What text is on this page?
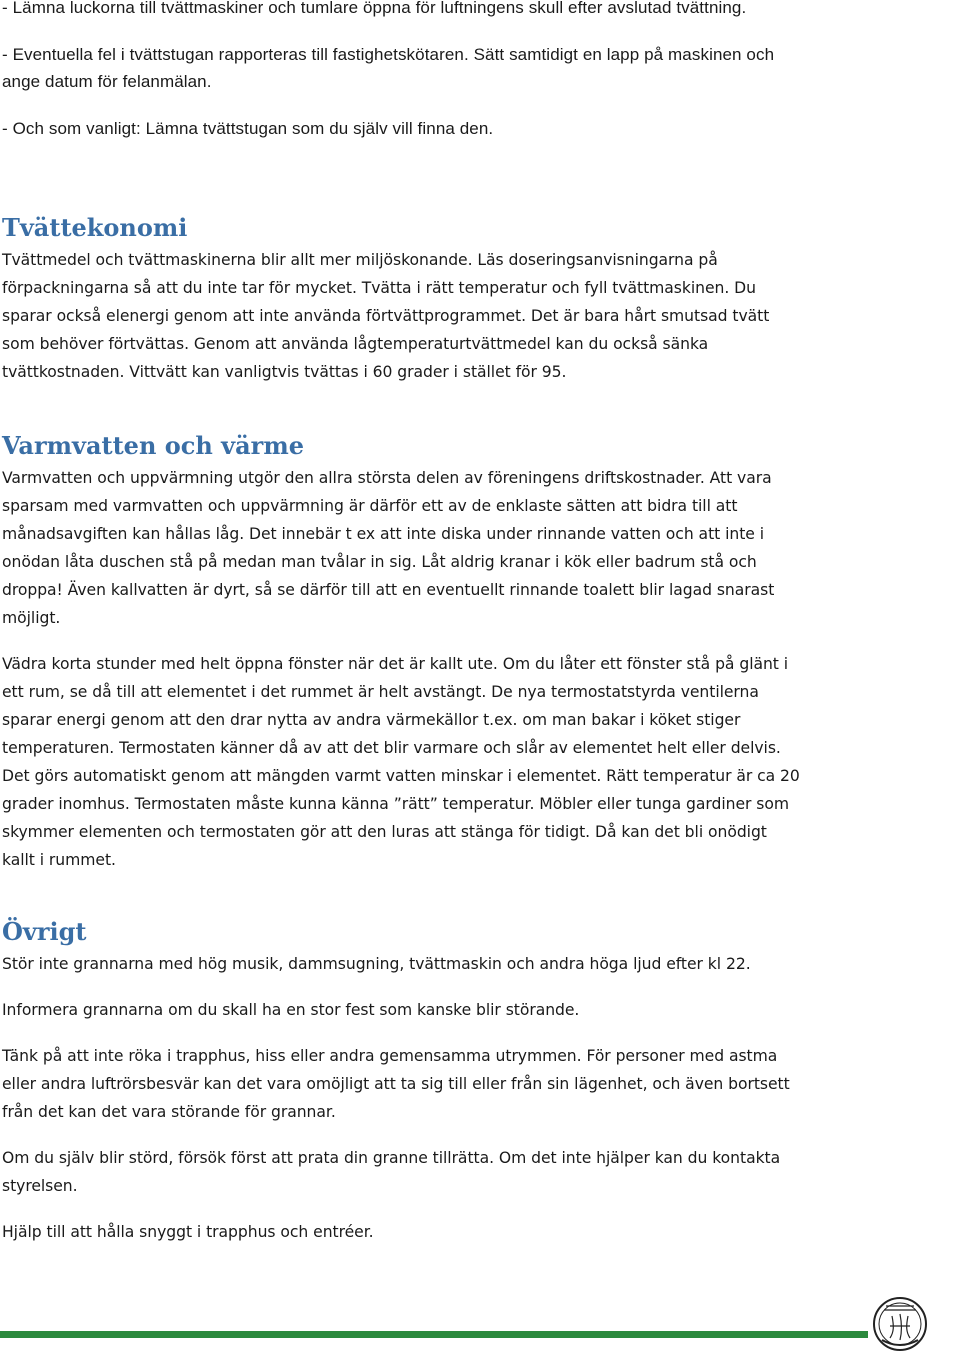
- Lämna luckorna till tvättmaskiner och tumlare öppna för luftningens skull efter avslutad tvättning.

- Eventuella fel i tvättstugan rapporteras till fastighetskötaren. Sätt samtidigt en lapp på maskinen och ange datum för felanmälan.

- Och som vanligt: Lämna tvättstugan som du själv vill finna den.

Tvättekonomi

Tvättmedel och tvättmaskinerna blir allt mer miljöskonande. Läs doseringsanvisningarna på förpackningarna så att du inte tar för mycket. Tvätta i rätt temperatur och fyll tvättmaskinen. Du sparar också elenergi genom att inte använda förtvättprogrammet. Det är bara hårt smutsad tvätt som behöver förtvättas. Genom att använda lågtemperaturtvättmedel kan du också sänka tvättkostnaden. Vittvätt kan vanligtvis tvättas i 60 grader i stället för 95.

Varmvatten och värme

Varmvatten och uppvärmning utgör den allra största delen av föreningens driftskostnader. Att vara sparsam med varmvatten och uppvärmning är därför ett av de enklaste sätten att bidra till att månadsavgiften kan hållas låg. Det innebär t ex att inte diska under rinnande vatten och att inte i onödan låta duschen stå på medan man tvålar in sig. Låt aldrig kranar i kök eller badrum stå och droppa! Även kallvatten är dyrt, så se därför till att en eventuellt rinnande toalett blir lagad snarast möjligt.

Vädra korta stunder med helt öppna fönster när det är kallt ute. Om du låter ett fönster stå på glänt i ett rum, se då till att elementet i det rummet är helt avstängt. De nya termostatstyrda ventilerna sparar energi genom att den drar nytta av andra värmekällor t.ex. om man bakar i köket stiger temperaturen. Termostaten känner då av att det blir varmare och slår av elementet helt eller delvis. Det görs automatiskt genom att mängden varmt vatten minskar i elementet. Rätt temperatur är ca 20 grader inomhus. Termostaten måste kunna känna ”rätt” temperatur. Möbler eller tunga gardiner som skymmer elementen och termostaten gör att den luras att stänga för tidigt. Då kan det bli onödigt kallt i rummet.

Övrigt

Stör inte grannarna med hög musik, dammsugning, tvättmaskin och andra höga ljud efter kl 22.

Informera grannarna om du skall ha en stor fest som kanske blir störande.

Tänk på att inte röka i trapphus, hiss eller andra gemensamma utrymmen. För personer med astma eller andra luftrörsbesvär kan det vara omöjligt att ta sig till eller från sin lägenhet, och även bortsett från det kan det vara störande för grannar.

Om du själv blir störd, försök först att prata din granne tillrätta. Om det inte hjälper kan du kontakta styrelsen.

Hjälp till att hålla snyggt i trapphus och entréer.
